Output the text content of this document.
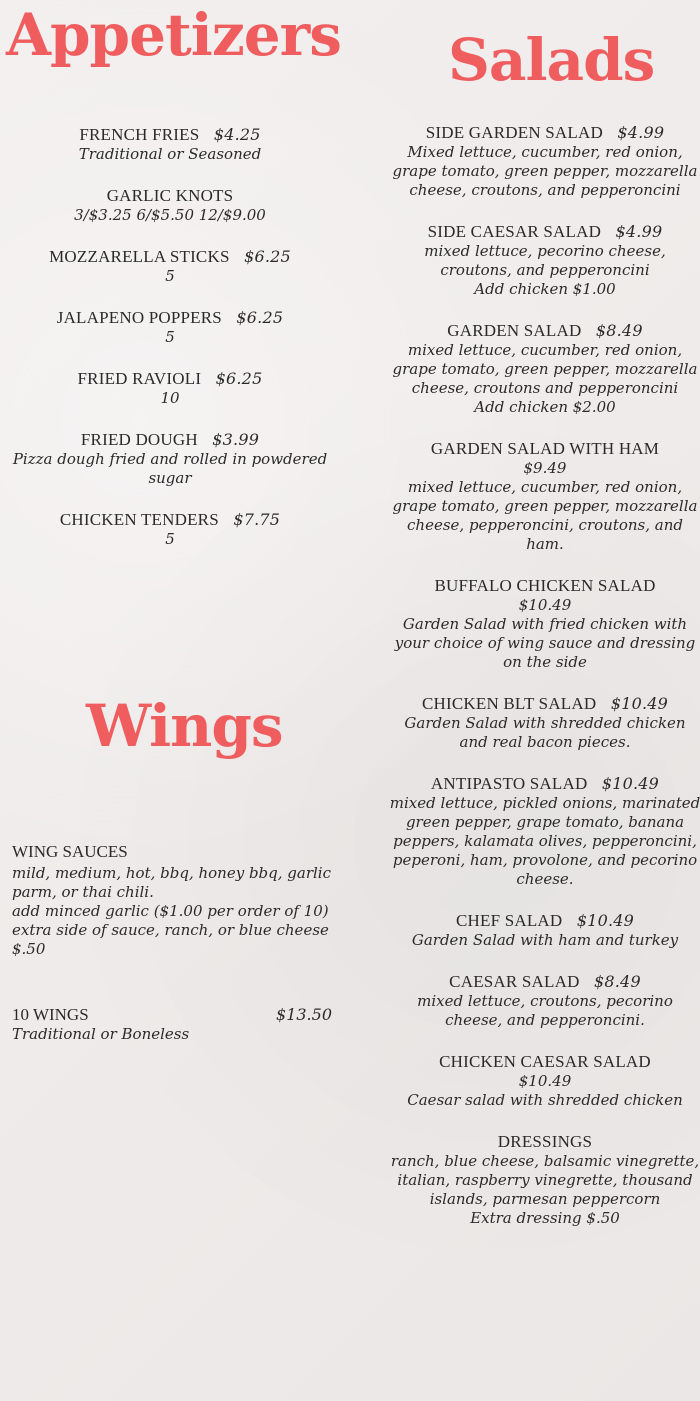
Appetizers Salads
Wings
FRENCH FRIES $4.25
Traditional or Seasoned
GARLIC KNOTS
3/$3.25 6/$5.50 12/$9.00
MOZZARELLA STICKS $6.25
5
JALAPENO POPPERS $6.25
5
FRIED RAVIOLI $6.25
10
FRIED DOUGH $3.99
Pizza dough fried and rolled in powdered sugar
CHICKEN TENDERS $7.75
5
SIDE GARDEN SALAD $4.99
Mixed lettuce, cucumber, red onion, grape tomato, green pepper, mozzarella cheese, croutons, and pepperoncini
SIDE CAESAR SALAD $4.99
mixed lettuce, pecorino cheese, croutons, and pepperoncini
Add chicken $1.00
GARDEN SALAD $8.49
mixed lettuce, cucumber, red onion, grape tomato, green pepper, mozzarella cheese, croutons and pepperoncini
Add chicken $2.00
GARDEN SALAD WITH HAM
$9.49
mixed lettuce, cucumber, red onion, grape tomato, green pepper, mozzarella cheese, pepperoncini, croutons, and ham.
BUFFALO CHICKEN SALAD
$10.49
Garden Salad with fried chicken with your choice of wing sauce and dressing on the side
CHICKEN BLT SALAD $10.49
Garden Salad with shredded chicken and real bacon pieces.
ANTIPASTO SALAD $10.49
mixed lettuce, pickled onions, marinated green pepper, grape tomato, banana peppers, kalamata olives, pepperoncini, peperoni, ham, provolone, and pecorino cheese.
CHEF SALAD $10.49
Garden Salad with ham and turkey
CAESAR SALAD $8.49
mixed lettuce, croutons, pecorino cheese, and pepperoncini.
CHICKEN CAESAR SALAD
$10.49
Caesar salad with shredded chicken
DRESSINGS
ranch, blue cheese, balsamic vinegrette, italian, raspberry vinegrette, thousand islands, parmesan peppercorn
Extra dressing $.50
WING SAUCES
mild, medium, hot, bbq, honey bbq, garlic parm, or thai chili.
add minced garlic ($1.00 per order of 10)
extra side of sauce, ranch, or blue cheese $.50
10 WINGS	$13.50
Traditional or Boneless
